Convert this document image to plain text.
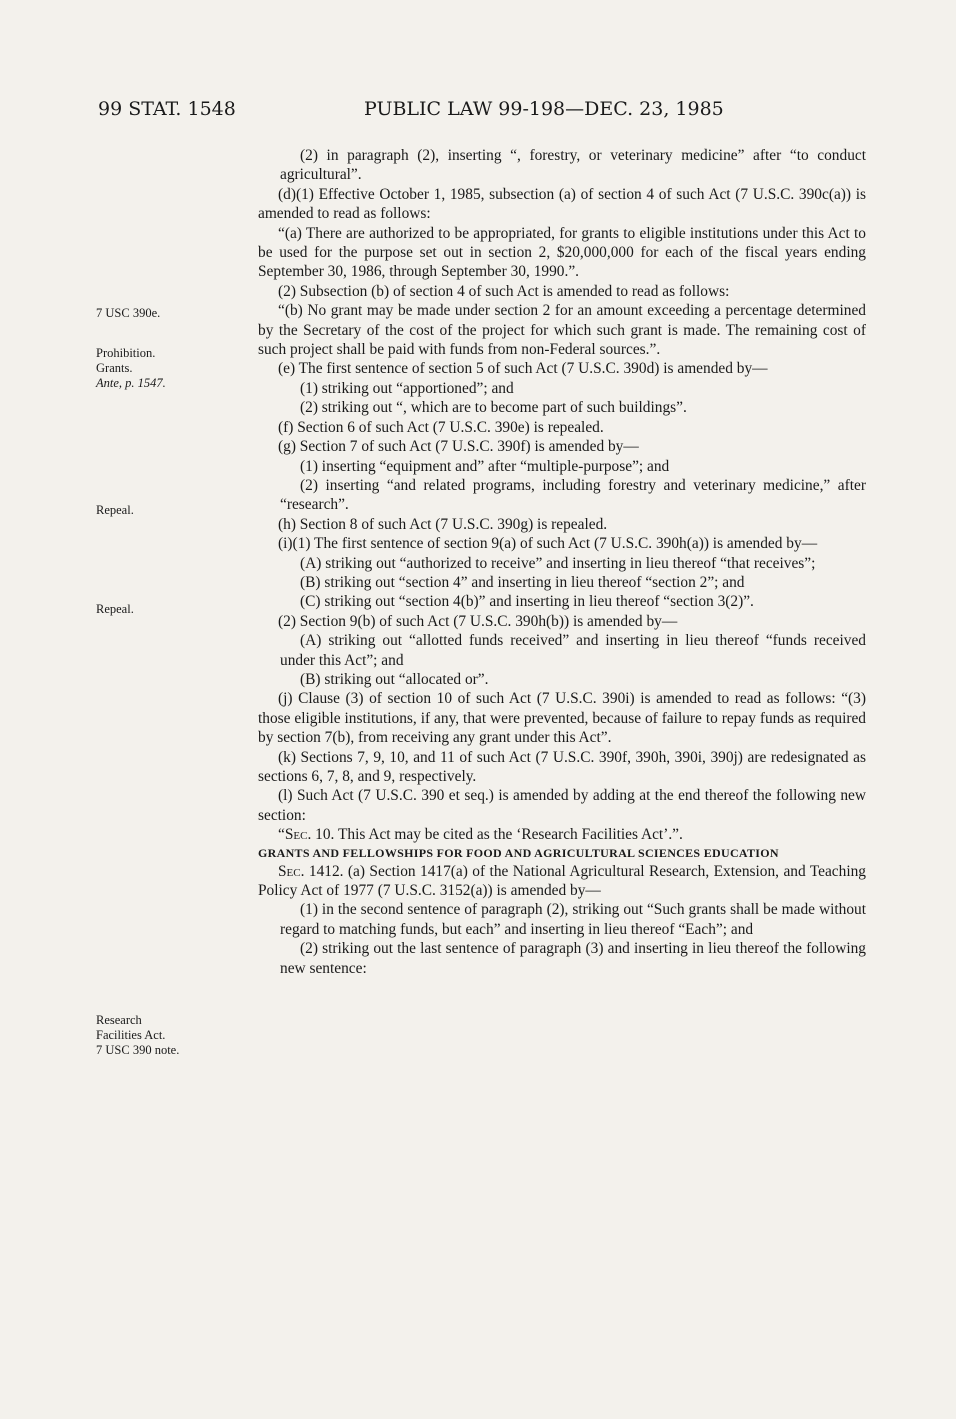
99 STAT. 1548	PUBLIC LAW 99-198—DEC. 23, 1985
7 USC 390e.
Prohibition.
Grants.
Ante, p. 1547.
Repeal.
Repeal.
Research
Facilities Act.
7 USC 390 note.

(2) in paragraph (2), inserting “, forestry, or veterinary medicine” after “to conduct agricultural”.

(d)(1) Effective October 1, 1985, subsection (a) of section 4 of such Act (7 U.S.C. 390c(a)) is amended to read as follows:

“(a) There are authorized to be appropriated, for grants to eligible institutions under this Act to be used for the purpose set out in section 2, $20,000,000 for each of the fiscal years ending September 30, 1986, through September 30, 1990.”.

(2) Subsection (b) of section 4 of such Act is amended to read as follows:

“(b) No grant may be made under section 2 for an amount exceeding a percentage determined by the Secretary of the cost of the project for which such grant is made. The remaining cost of such project shall be paid with funds from non-Federal sources.”.

(e) The first sentence of section 5 of such Act (7 U.S.C. 390d) is amended by—

(1) striking out “apportioned”; and

(2) striking out “, which are to become part of such buildings”.

(f) Section 6 of such Act (7 U.S.C. 390e) is repealed.

(g) Section 7 of such Act (7 U.S.C. 390f) is amended by—

(1) inserting “equipment and” after “multiple-purpose”; and

(2) inserting “and related programs, including forestry and veterinary medicine,” after “research”.

(h) Section 8 of such Act (7 U.S.C. 390g) is repealed.

(i)(1) The first sentence of section 9(a) of such Act (7 U.S.C. 390h(a)) is amended by—

(A) striking out “authorized to receive” and inserting in lieu thereof “that receives”;

(B) striking out “section 4” and inserting in lieu thereof “section 2”; and

(C) striking out “section 4(b)” and inserting in lieu thereof “section 3(2)”.

(2) Section 9(b) of such Act (7 U.S.C. 390h(b)) is amended by—

(A) striking out “allotted funds received” and inserting in lieu thereof “funds received under this Act”; and

(B) striking out “allocated or”.

(j) Clause (3) of section 10 of such Act (7 U.S.C. 390i) is amended to read as follows: “(3) those eligible institutions, if any, that were prevented, because of failure to repay funds as required by section 7(b), from receiving any grant under this Act”.

(k) Sections 7, 9, 10, and 11 of such Act (7 U.S.C. 390f, 390h, 390i, 390j) are redesignated as sections 6, 7, 8, and 9, respectively.

(l) Such Act (7 U.S.C. 390 et seq.) is amended by adding at the end thereof the following new section:

“Sec. 10. This Act may be cited as the ‘Research Facilities Act’.”.

GRANTS AND FELLOWSHIPS FOR FOOD AND AGRICULTURAL SCIENCES EDUCATION

Sec. 1412. (a) Section 1417(a) of the National Agricultural Research, Extension, and Teaching Policy Act of 1977 (7 U.S.C. 3152(a)) is amended by—

(1) in the second sentence of paragraph (2), striking out “Such grants shall be made without regard to matching funds, but each” and inserting in lieu thereof “Each”; and

(2) striking out the last sentence of paragraph (3) and inserting in lieu thereof the following new sentence:
